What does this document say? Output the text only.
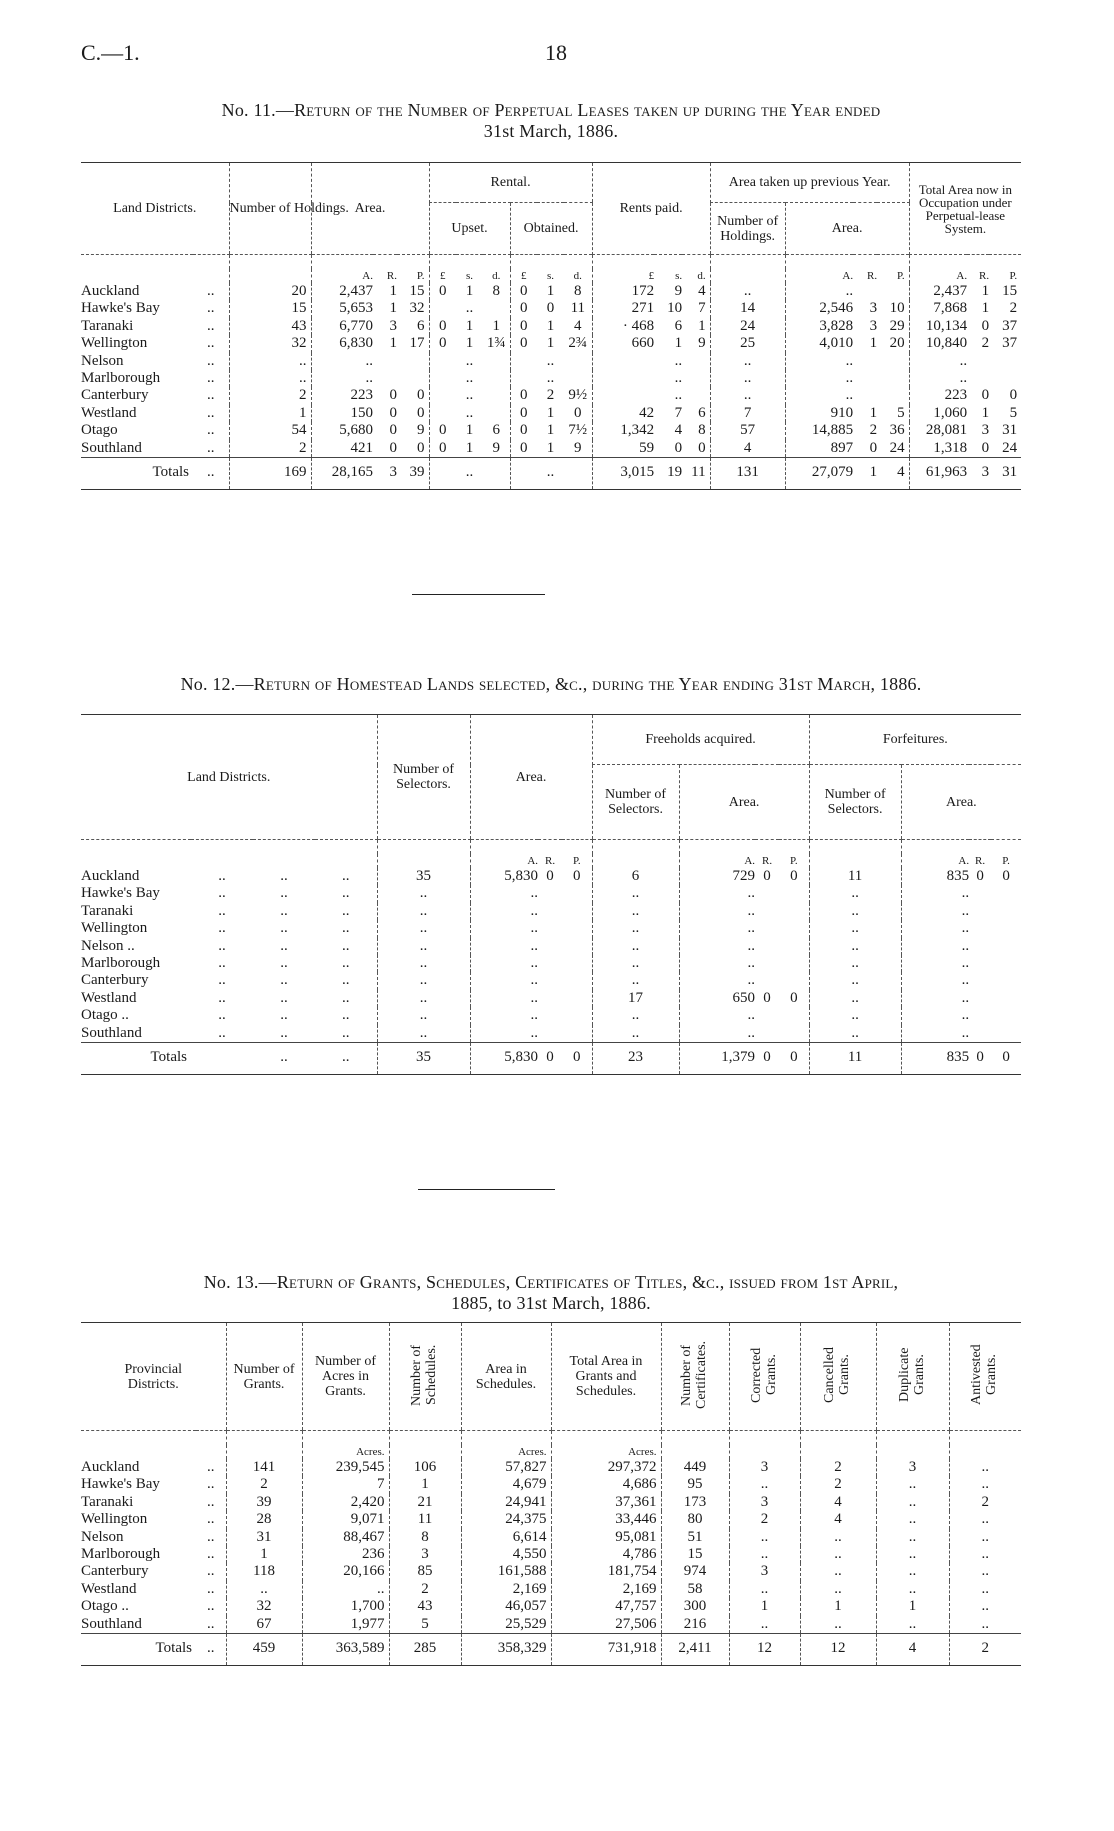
C.—1.	18
No. 11.—Return of the Number of Perpetual Leases taken up during the Year ended
31st March, 1886.
Land Districts.		Number of Holdings.	Area.			Rental.						Rents paid.			Area taken up previous Year.				Total Area now in Occupation under Perpetual-lease System.		
						Upset.			Obtained.						Number of Holdings.	Area.					

			A.	R.	P.	£	s.	d.	£	s.	d.	£	s.	d.		A.	R.	P.	A.	R.	P.
Auckland	..	20	2,437	1	15	0	1	8	0	1	8	172	9	4	..	..			2,437	1	15
Hawke's Bay	..	15	5,653	1	32		..		0	0	11	271	10	7	14	2,546	3	10	7,868	1	2
Taranaki	..	43	6,770	3	6	0	1	1	0	1	4	· 468	6	1	24	3,828	3	29	10,134	0	37
Wellington	..	32	6,830	1	17	0	1	1¾	0	1	2¾	660	1	9	25	4,010	1	20	10,840	2	37
Nelson	..	..	..				..			..			..		..	..			..		
Marlborough	..	..	..				..			..			..		..	..			..		
Canterbury	..	2	223	0	0		..		0	2	9½		..		..	..			223	0	0
Westland	..	1	150	0	0		..		0	1	0	42	7	6	7	910	1	5	1,060	1	5
Otago	..	54	5,680	0	9	0	1	6	0	1	7½	1,342	4	8	57	14,885	2	36	28,081	3	31
Southland	..	2	421	0	0	0	1	9	0	1	9	59	0	0	4	897	0	24	1,318	0	24
Totals	..	169	28,165	3	39		..			..		3,015	19	11	131	27,079	1	4	61,963	3	31
No. 12.—Return of Homestead Lands selected, &c., during the Year ending 31st March, 1886.
Land Districts.				Number of Selectors.	Area.			Freeholds acquired.				Forfeitures.			
								Number of Selectors.	Area.			Number of Selectors.	Area.		

					A.	R.	P.		A.	R.	P.		A.	R.	P.
Auckland	..	..	..	35	5,830	0	0	6	729	0	0	11	835	0	0
Hawke's Bay	..	..	..	..	..			..	..			..	..		
Taranaki	..	..	..	..	..			..	..			..	..		
Wellington	..	..	..	..	..			..	..			..	..		
Nelson ..	..	..	..	..	..			..	..			..	..		
Marlborough	..	..	..	..	..			..	..			..	..		
Canterbury	..	..	..	..	..			..	..			..	..		
Westland	..	..	..	..	..			17	650	0	0	..	..		
Otago ..	..	..	..	..	..			..	..			..	..		
Southland	..	..	..	..	..			..	..			..	..		
Totals		..	..	35	5,830	0	0	23	1,379	0	0	11	835	0	0
No. 13.—Return of Grants, Schedules, Certificates of Titles, &c., issued from 1st April,
1885, to 31st March, 1886.
Provincial Districts.		Number of Grants.	Number of Acres in Grants.	Number of Schedules.	Area in Schedules.	Total Area in Grants and Schedules.	Number of Certificates.	Corrected Grants.	Cancelled Grants.	Duplicate Grants.	Antivested Grants.

			Acres.		Acres.	Acres.					
Auckland	..	141	239,545	106	57,827	297,372	449	3	2	3	..
Hawke's Bay	..	2	7	1	4,679	4,686	95	..	2	..	..
Taranaki	..	39	2,420	21	24,941	37,361	173	3	4	..	2
Wellington	..	28	9,071	11	24,375	33,446	80	2	4	..	..
Nelson	..	31	88,467	8	6,614	95,081	51	..	..	..	..
Marlborough	..	1	236	3	4,550	4,786	15	..	..	..	..
Canterbury	..	118	20,166	85	161,588	181,754	974	3	..	..	..
Westland	..	..	..	2	2,169	2,169	58	..	..	..	..
Otago ..	..	32	1,700	43	46,057	47,757	300	1	1	1	..
Southland	..	67	1,977	5	25,529	27,506	216	..	..	..	..
Totals	..	459	363,589	285	358,329	731,918	2,411	12	12	4	2
